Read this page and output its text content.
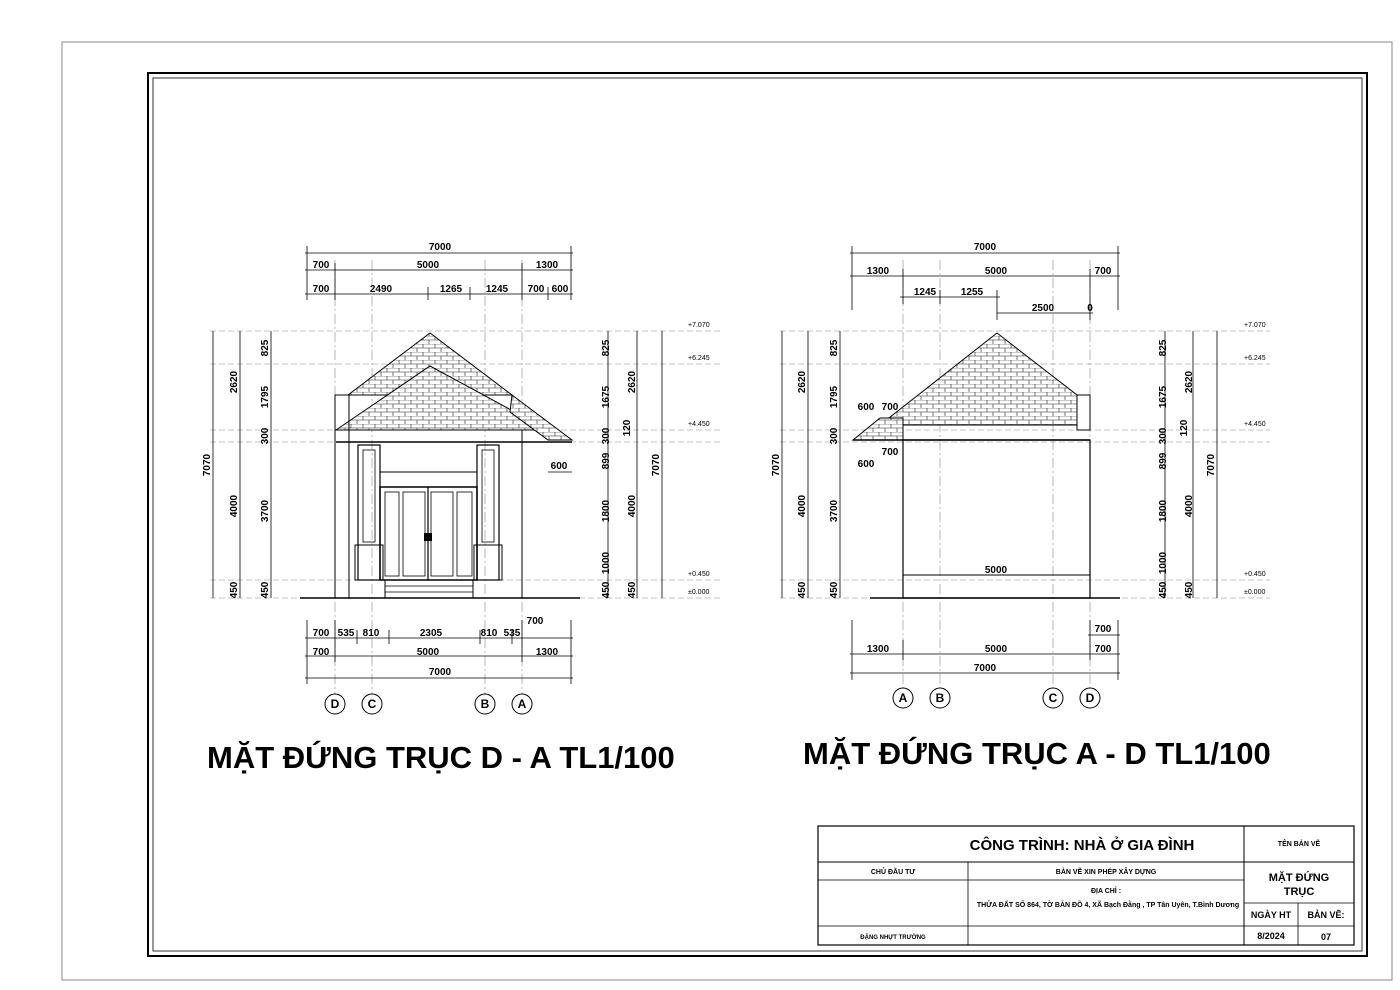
7000
700	5000	1300
700	2490	1265 1245 700 600
600
700 535 810	2305	810 535
700
700	5000	1300
7000
D C	B A
7070
2620
4000
450
825
1795
300
3700
450
825
1675
300
899
1800
1000
450
120
4000
450
2620
7070
+7.070
+6.245
+4.450
+0.450
±0.000
MẶT ĐỨNG TRỤC D - A TL1/100
7000
1300	5000	700
1245 1255
2500	0
600 700
600
700
5000
700
1300	5000	700
7000
A B	C D
7070
2620
4000
450
825
1795
300
3700
450
825
1675
300
899
1800
1000
450
120
4000
450
2620
7070
+7.070
+6.245
+4.450
+0.450
±0.000
MẶT ĐỨNG TRỤC A - D TL1/100
CÔNG TRÌNH: NHÀ Ở GIA ĐÌNH	TÊN BẢN VẼ
CHỦ ĐẦU TƯ	BẢN VẼ XIN PHÉP XÂY DỰNG
ĐỊA CHỈ :
THỬA ĐẤT SỐ 864, TỜ BẢN ĐỒ 4, XÃ Bạch Đằng , TP Tân Uyên, T.Bình Dương
MẶT ĐỨNG
TRỤC
NGÀY HT BẢN VẼ:
8/2024	07
ĐẶNG NHỰT TRƯỜNG
